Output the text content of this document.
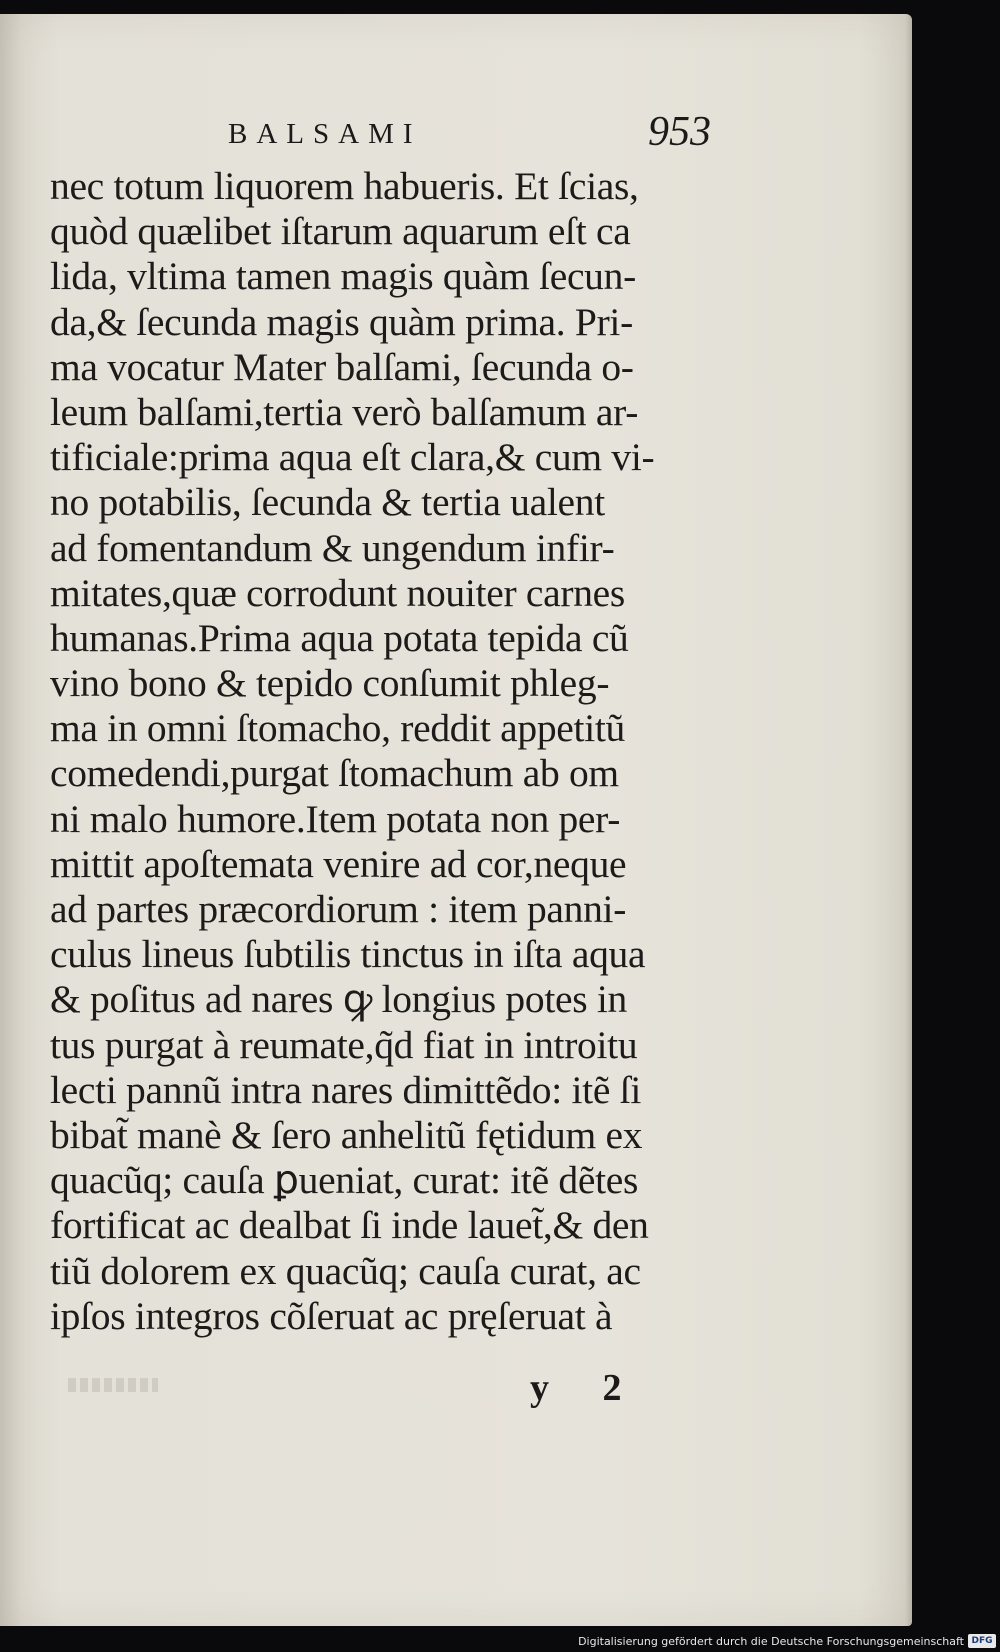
BALSAMI	953
nec totum liquorem habueris. Et ſcias,
quòd quælibet iſtarum aquarum eſt ca
lida, vltima tamen magis quàm ſecun-
da,& ſecunda magis quàm prima. Pri-
ma vocatur Mater balſami, ſecunda o-
leum balſami,tertia verò balſamum ar-
tificiale:prima aqua eſt clara,& cum vi-
no potabilis, ſecunda & tertia ualent
ad fomentandum & ungendum infir-
mitates,quæ corrodunt nouiter carnes
humanas.Prima aqua potata tepida cũ
vino bono & tepido conſumit phleg-
ma in omni ſtomacho, reddit appetitũ
comedendi,purgat ſtomachum ab om
ni malo humore.Item potata non per-
mittit apoſtemata venire ad cor,neque
ad partes præcordiorum : item panni-
culus lineus ſubtilis tinctus in iſta aqua
& poſitus ad nares ꝙ longius potes in
tus purgat à reumate,q̃d fiat in introitu
lecti pannũ intra nares dimittẽdo: itẽ ſi
bibat̃ manè & ſero anhelitũ fętidum ex
quacũq; cauſa ꝑueniat, curat: itẽ dẽtes
fortificat ac dealbat ſi inde lauet̃,& den
tiũ dolorem ex quacũq; cauſa curat, ac
ipſos integros cõſeruat ac pręſeruat à
y 2
Digitalisierung gefördert durch die Deutsche Forschungsgemeinschaft DFG
